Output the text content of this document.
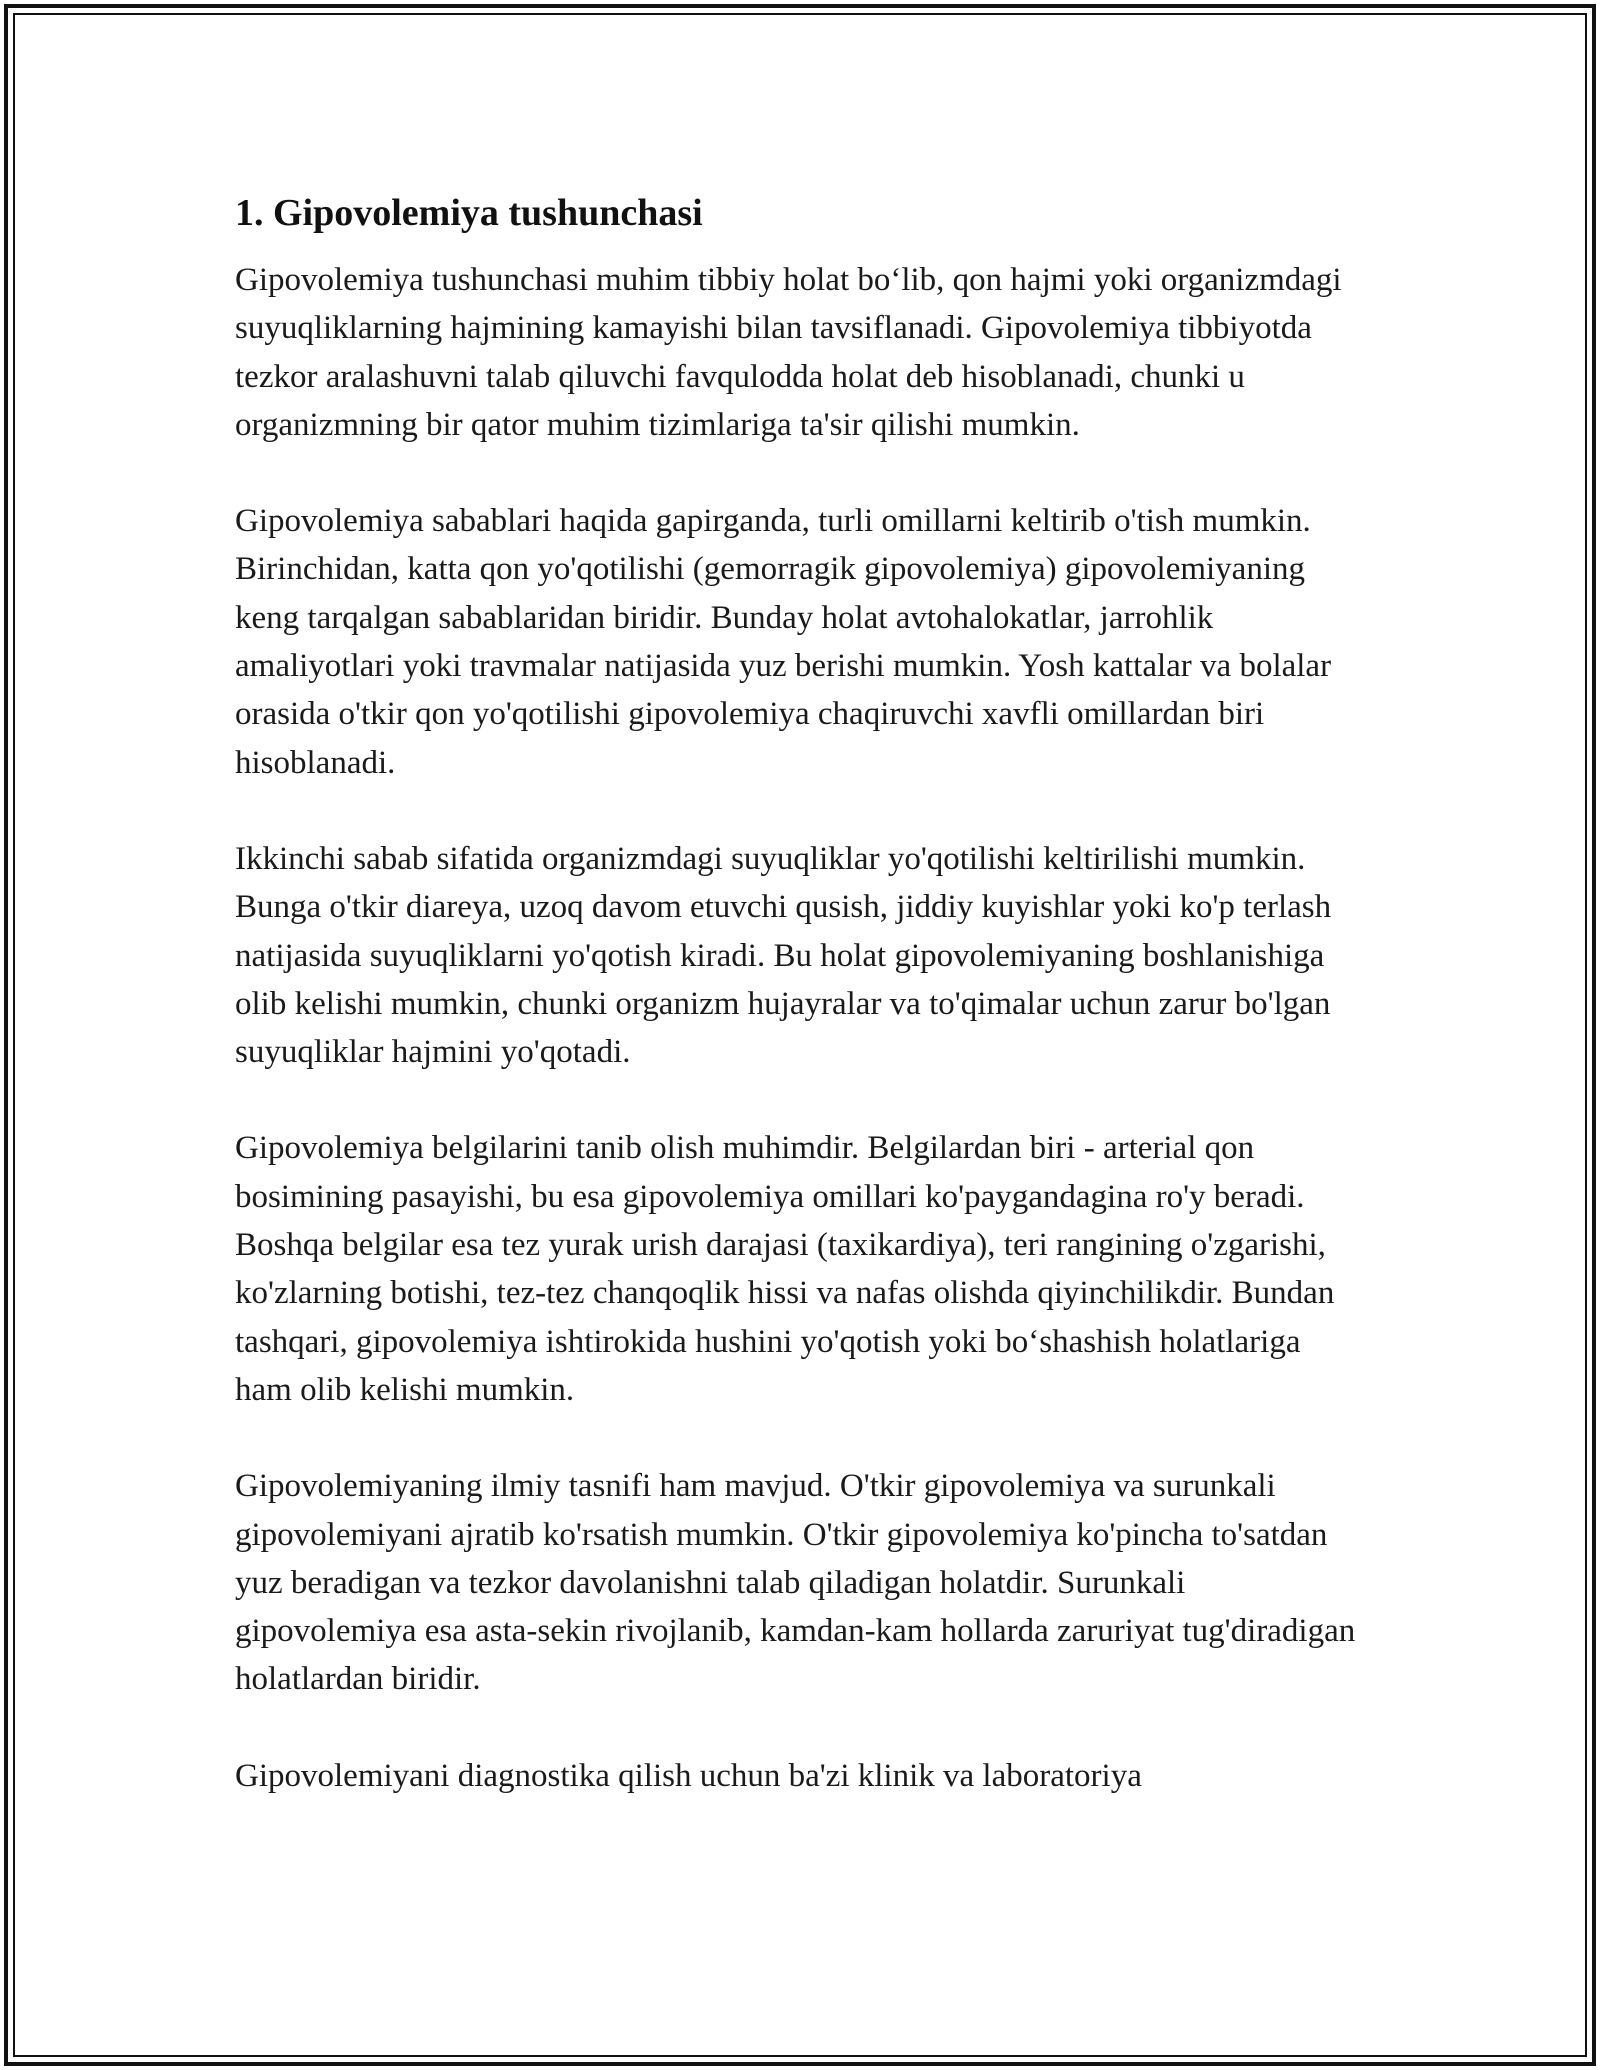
1. Gipovolemiya tushunchasi

Gipovolemiya tushunchasi muhim tibbiy holat bo‘lib, qon hajmi yoki organizmdagi suyuqliklarning hajmining kamayishi bilan tavsiflanadi. Gipovolemiya tibbiyotda tezkor aralashuvni talab qiluvchi favqulodda holat deb hisoblanadi, chunki u organizmning bir qator muhim tizimlariga ta'sir qilishi mumkin.

Gipovolemiya sabablari haqida gapirganda, turli omillarni keltirib o'tish mumkin. Birinchidan, katta qon yo'qotilishi (gemorragik gipovolemiya) gipovolemiyaning keng tarqalgan sabablaridan biridir. Bunday holat avtohalokatlar, jarrohlik amaliyotlari yoki travmalar natijasida yuz berishi mumkin. Yosh kattalar va bolalar orasida o'tkir qon yo'qotilishi gipovolemiya chaqiruvchi xavfli omillardan biri hisoblanadi.

Ikkinchi sabab sifatida organizmdagi suyuqliklar yo'qotilishi keltirilishi mumkin. Bunga o'tkir diareya, uzoq davom etuvchi qusish, jiddiy kuyishlar yoki ko'p terlash natijasida suyuqliklarni yo'qotish kiradi. Bu holat gipovolemiyaning boshlanishiga olib kelishi mumkin, chunki organizm hujayralar va to'qimalar uchun zarur bo'lgan suyuqliklar hajmini yo'qotadi.

Gipovolemiya belgilarini tanib olish muhimdir. Belgilardan biri - arterial qon bosimining pasayishi, bu esa gipovolemiya omillari ko'paygandagina ro'y beradi. Boshqa belgilar esa tez yurak urish darajasi (taxikardiya), teri rangining o'zgarishi, ko'zlarning botishi, tez-tez chanqoqlik hissi va nafas olishda qiyinchilikdir. Bundan tashqari, gipovolemiya ishtirokida hushini yo'qotish yoki bo‘shashish holatlariga ham olib kelishi mumkin.

Gipovolemiyaning ilmiy tasnifi ham mavjud. O'tkir gipovolemiya va surunkali gipovolemiyani ajratib ko'rsatish mumkin. O'tkir gipovolemiya ko'pincha to'satdan yuz beradigan va tezkor davolanishni talab qiladigan holatdir. Surunkali gipovolemiya esa asta-sekin rivojlanib, kamdan-kam hollarda zaruriyat tug'diradigan holatlardan biridir.

Gipovolemiyani diagnostika qilish uchun ba'zi klinik va laboratoriya
